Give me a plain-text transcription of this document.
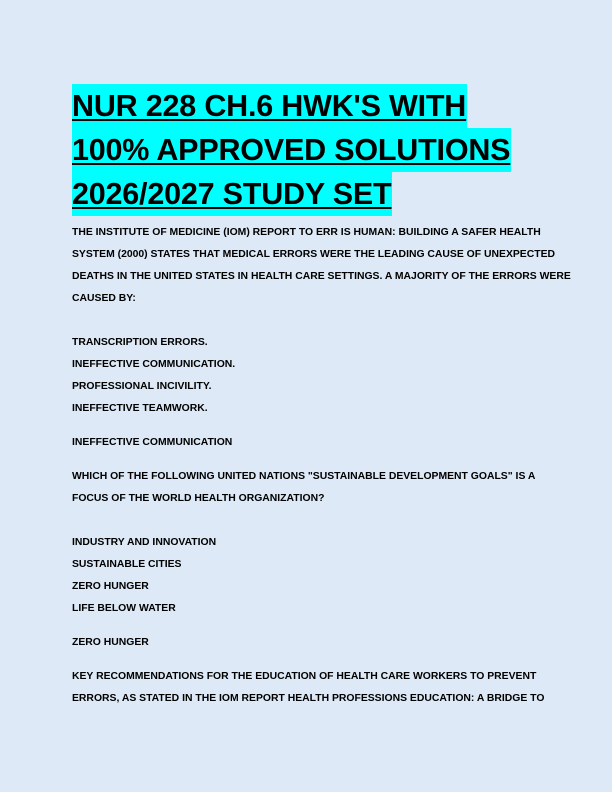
NUR 228 CH.6 HWK'S WITH
100% APPROVED SOLUTIONS
2026/2027 STUDY SET
THE INSTITUTE OF MEDICINE (IOM) REPORT TO ERR IS HUMAN: BUILDING A SAFER HEALTH
SYSTEM (2000) STATES THAT MEDICAL ERRORS WERE THE LEADING CAUSE OF UNEXPECTED
DEATHS IN THE UNITED STATES IN HEALTH CARE SETTINGS. A MAJORITY OF THE ERRORS WERE
CAUSED BY:
TRANSCRIPTION ERRORS.
INEFFECTIVE COMMUNICATION.
PROFESSIONAL INCIVILITY.
INEFFECTIVE TEAMWORK.
INEFFECTIVE COMMUNICATION
WHICH OF THE FOLLOWING UNITED NATIONS "SUSTAINABLE DEVELOPMENT GOALS" IS A
FOCUS OF THE WORLD HEALTH ORGANIZATION?
INDUSTRY AND INNOVATION
SUSTAINABLE CITIES
ZERO HUNGER
LIFE BELOW WATER
ZERO HUNGER
KEY RECOMMENDATIONS FOR THE EDUCATION OF HEALTH CARE WORKERS TO PREVENT
ERRORS, AS STATED IN THE IOM REPORT HEALTH PROFESSIONS EDUCATION: A BRIDGE TO
